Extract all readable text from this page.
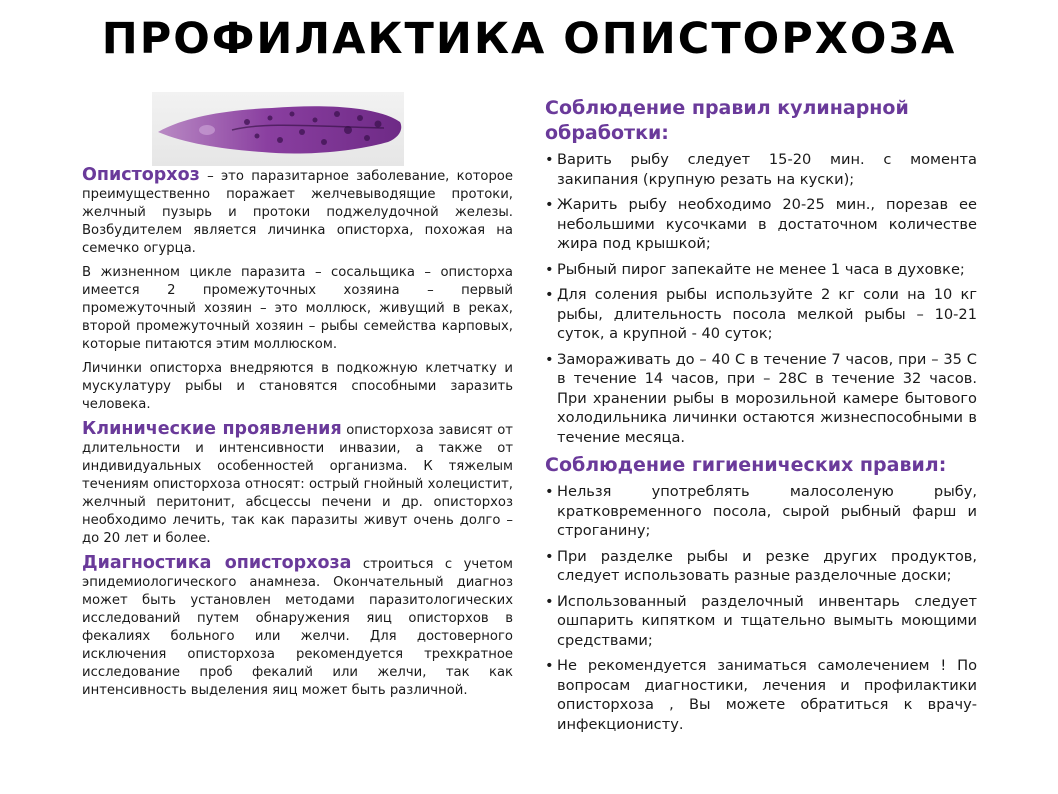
ПРОФИЛАКТИКА ОПИСТОРХОЗА

Описторхоз – это паразитарное заболевание, которое преимущественно поражает желчевыводящие протоки, желчный пузырь и протоки поджелудочной железы. Возбудителем является личинка описторха, похожая на семечко огурца.

В жизненном цикле паразита – сосальщика – описторха имеется 2 промежуточных хозяина – первый промежуточный хозяин – это моллюск, живущий в реках, второй промежуточный хозяин – рыбы семейства карповых, которые питаются этим моллюском.

Личинки описторха внедряются в подкожную клетчатку и мускулатуру рыбы и становятся способными заразить человека.

Клинические проявления описторхоза зависят от длительности и интенсивности инвазии, а также от индивидуальных особенностей организма. К тяжелым течениям описторхоза относят: острый гнойный холецистит, желчный перитонит, абсцессы печени и др. описторхоз необходимо лечить, так как паразиты живут очень долго – до 20 лет и более.

Диагностика описторхоза строиться с учетом эпидемиологического анамнеза. Окончательный диагноз может быть установлен методами паразитологических исследований путем обнаружения яиц описторхов в фекалиях больного или желчи. Для достоверного исключения описторхоза рекомендуется трехкратное исследование проб фекалий или желчи, так как интенсивность выделения яиц может быть различной.

Соблюдение правил кулинарной обработки:
• Варить рыбу следует 15-20 мин. с момента закипания (крупную резать на куски);
• Жарить рыбу необходимо 20-25 мин., порезав ее небольшими кусочками в достаточном количестве жира под крышкой;
• Рыбный пирог запекайте не менее 1 часа в духовке;
• Для соления рыбы используйте 2 кг соли на 10 кг рыбы, длительность посола мелкой рыбы – 10-21 суток, а крупной - 40 суток;
• Замораживать до – 40 С в течение 7 часов, при – 35 С в течение 14 часов, при – 28С в течение 32 часов. При хранении рыбы в морозильной камере бытового холодильника личинки остаются жизнеспособными в течение месяца.
Соблюдение гигиенических правил:
• Нельзя употреблять малосоленую рыбу, кратковременного посола, сырой рыбный фарш и строганину;
• При разделке рыбы и резке других продуктов, следует использовать разные разделочные доски;
• Использованный разделочный инвентарь следует ошпарить кипятком и тщательно вымыть моющими средствами;
• Не рекомендуется заниматься самолечением ! По вопросам диагностики, лечения и профилактики описторхоза , Вы можете обратиться к врачу-инфекционисту.
